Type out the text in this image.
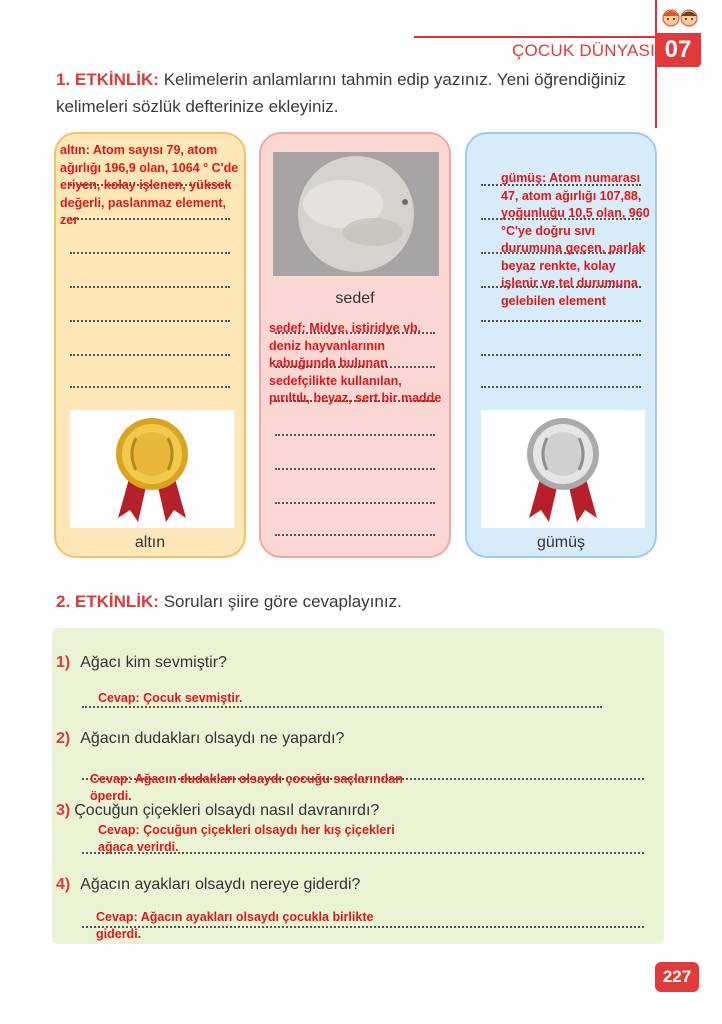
ÇOCUK DÜNYASI 07
1. ETKİNLİK: Kelimelerin anlamlarını tahmin edip yazınız. Yeni öğrendiğiniz kelimeleri sözlük defterinize ekleyiniz.
altın: Atom sayısı 79, atom ağırlığı 196,9 olan, 1064 ° C'de eriyen, kolay işlenen, yüksek değerli, paslanmaz element, zer
altın
sedef
sedef: Midye, istiridye vb. deniz hayvanlarının kabuğunda bulunan sedefçilikte kullanılan, pırıltılı, beyaz, sert bir madde
gümüş: Atom numarası 47, atom ağırlığı 107,88, yoğunluğu 10,5 olan, 960 °C'ye doğru sıvı durumuna geçen, parlak beyaz renkte, kolay işlenir ve tel durumuna gelebilen element
gümüş
2. ETKİNLİK: Soruları şiire göre cevaplayınız.
1) Ağacı kim sevmiştir?
Cevap: Çocuk sevmiştir.
2) Ağacın dudakları olsaydı ne yapardı?
Cevap: Ağacın dudakları olsaydı çocuğu saçlarından öperdi.
3) Çocuğun çiçekleri olsaydı nasıl davranırdı?
Cevap: Çocuğun çiçekleri olsaydı her kış çiçekleri ağaca verirdi.
4) Ağacın ayakları olsaydı nereye giderdi?
Cevap: Ağacın ayakları olsaydı çocukla birlikte giderdi.
227
